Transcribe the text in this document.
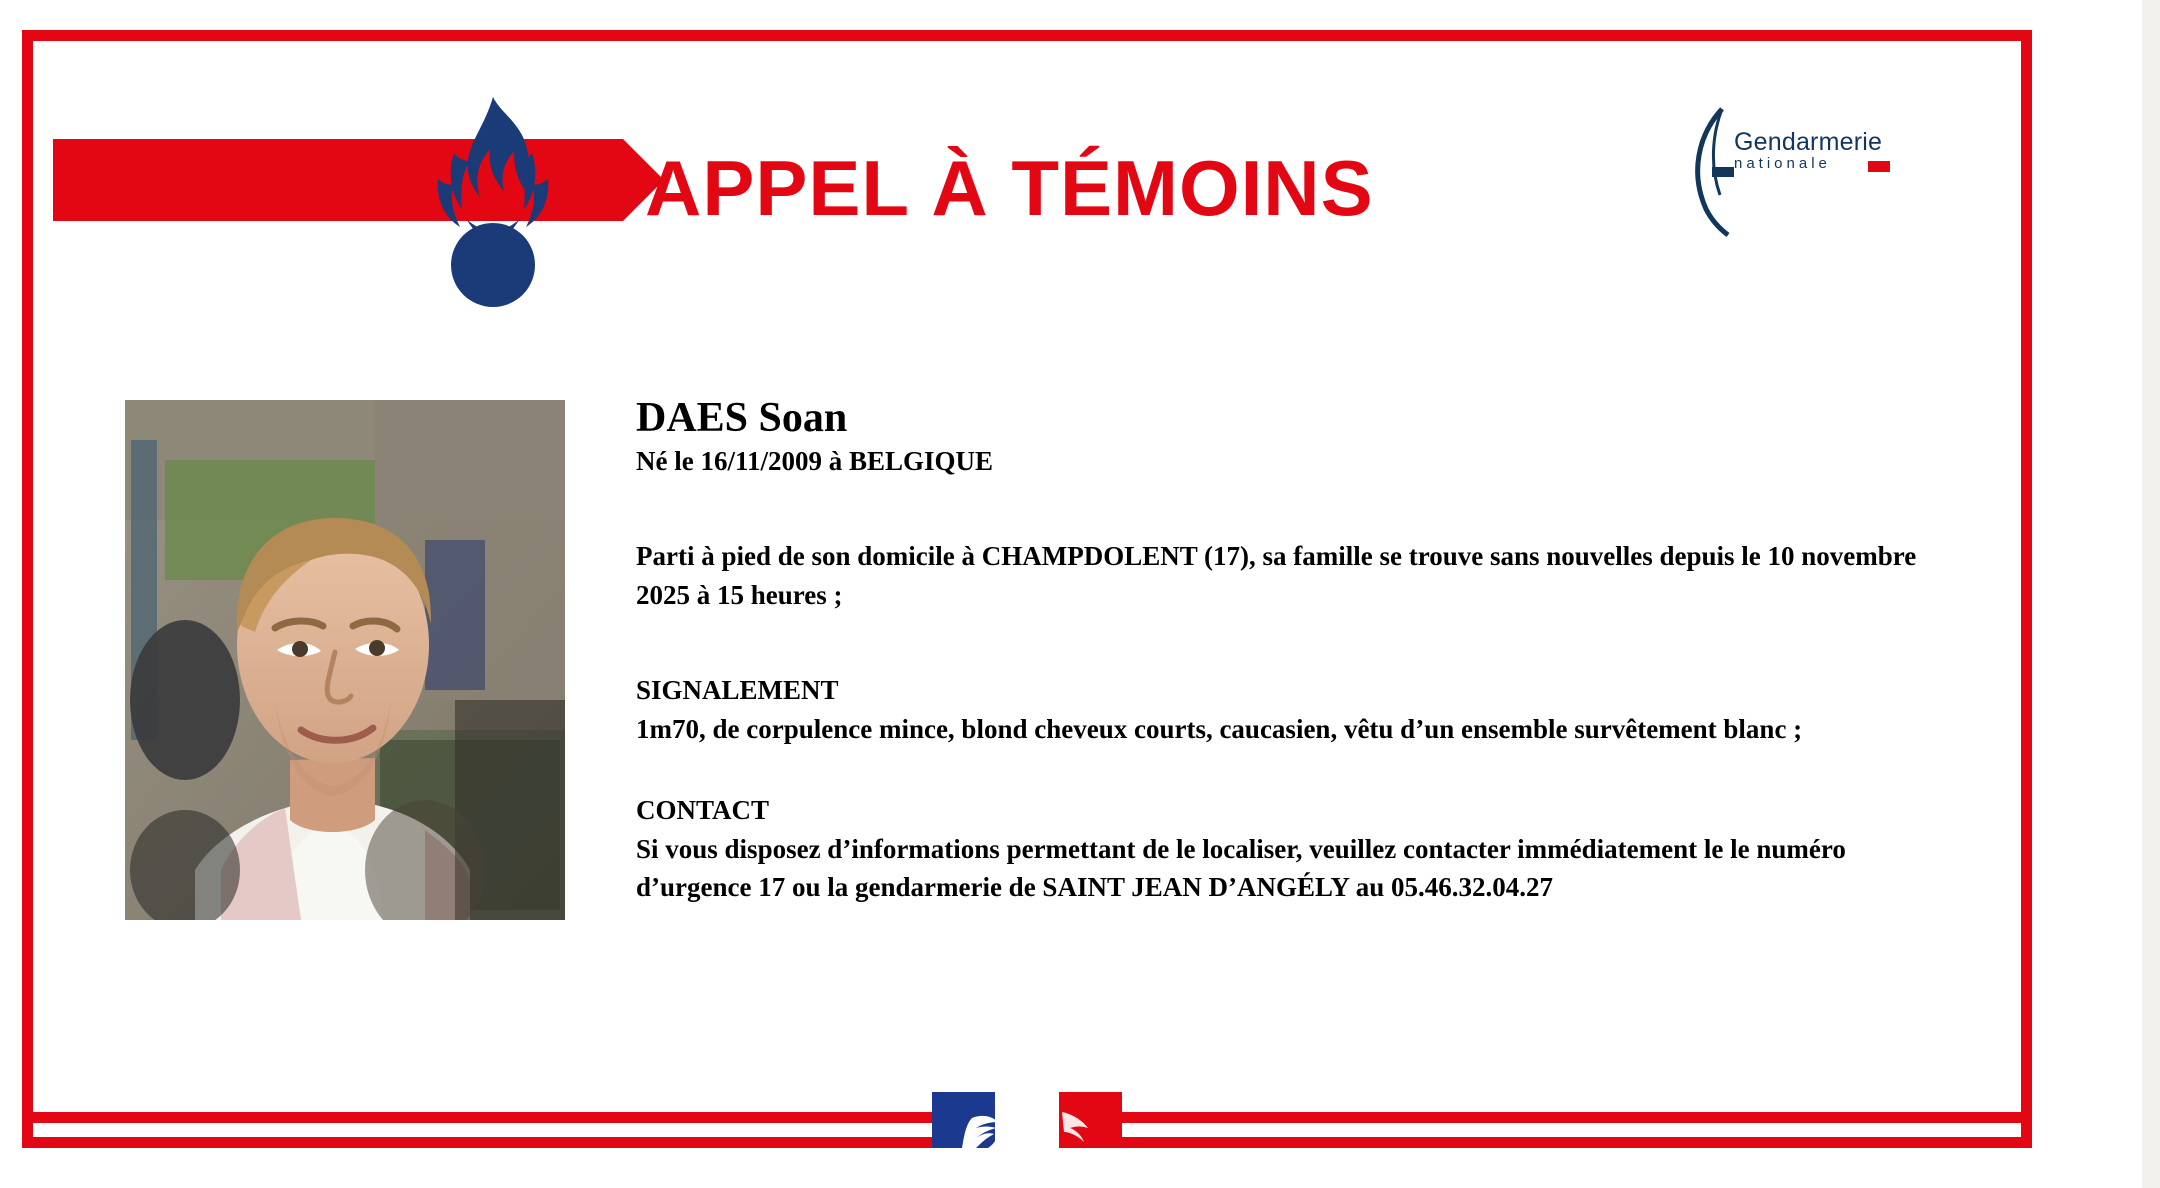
APPEL À TÉMOINS
Gendarmerie
nationale
DAES Soan
Né le 16/11/2009 à BELGIQUE
Parti à pied de son domicile à CHAMPDOLENT (17), sa famille se trouve sans nouvelles depuis le 10 novembre 2025 à 15 heures ;

SIGNALEMENT

1m70, de corpulence mince, blond cheveux courts, caucasien, vêtu d’un ensemble survêtement blanc ;

CONTACT

Si vous disposez d’informations permettant de le localiser, veuillez contacter immédiatement le le numéro d’urgence 17 ou la gendarmerie de SAINT JEAN D’ANGÉLY au 05.46.32.04.27
